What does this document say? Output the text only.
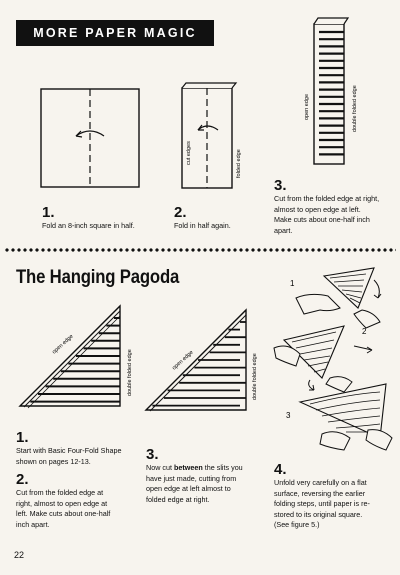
MORE PAPER MAGIC
cut edges	folded edge
open edge	double folded edge
1.
Fold an 8-inch square in half.
2.
Fold in half again.
3.
Cut from the folded edge at right,
almost to open edge at left.
Make cuts about one-half inch
apart.
The Hanging Pagoda
open edge
double folded edge	open edge	double folded edge
1
2
3
1.
Start with Basic Four-Fold Shape
shown on pages 12-13.
2.
Cut from the folded edge at
right, almost to open edge at
left. Make cuts about one-half
inch apart.
3.
Now cut between the slits you
have just made, cutting from
open edge at left almost to
folded edge at right.
4.
Unfold very carefully on a flat
surface, reversing the earlier
folding steps, until paper is re-
stored to its original square.
(See figure 5.)
22
